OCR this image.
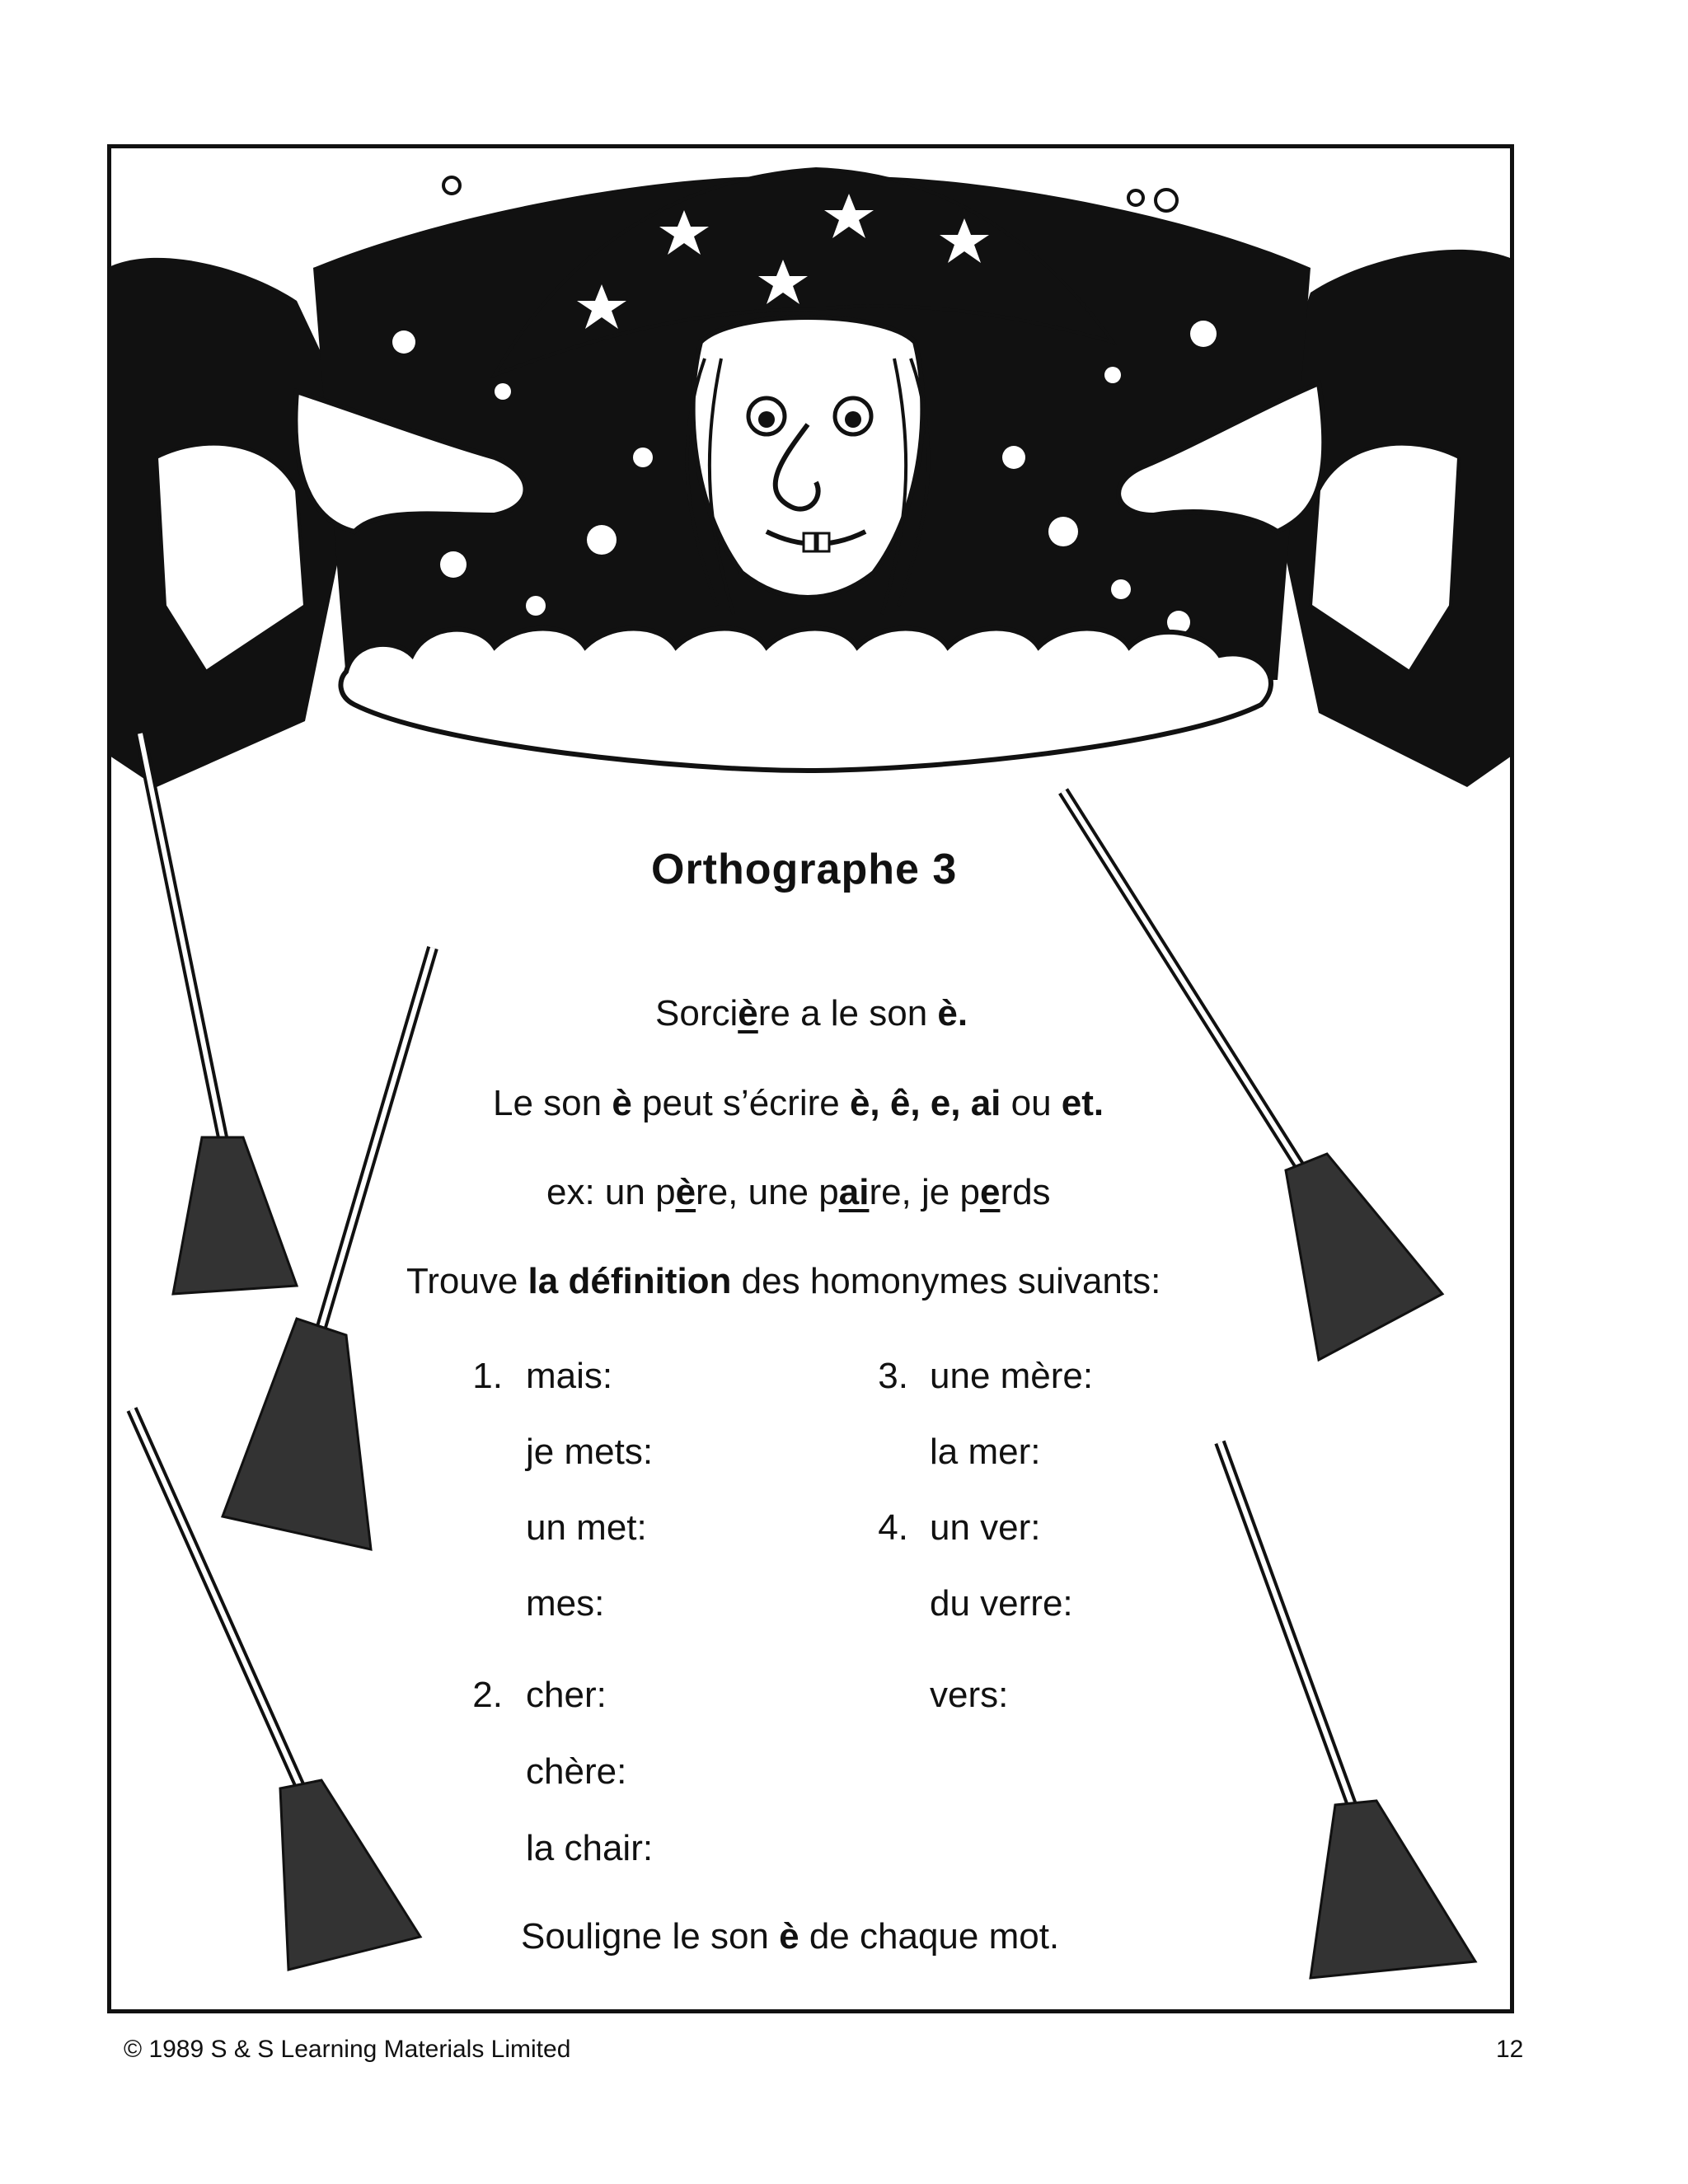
Orthographe 3
Sorcière a le son è.
Le son è peut s’écrire è, ê, e, ai ou et.
ex: un père, une paire, je perds
Trouve la définition des homonymes suivants:
1. mais:
je mets:
un met:
mes:
2. cher:
chère:
la chair:
3. une mère:
la mer:
4. un ver:
du verre:
vers:
Souligne le son è de chaque mot.
© 1989 S & S Learning Materials Limited	12
